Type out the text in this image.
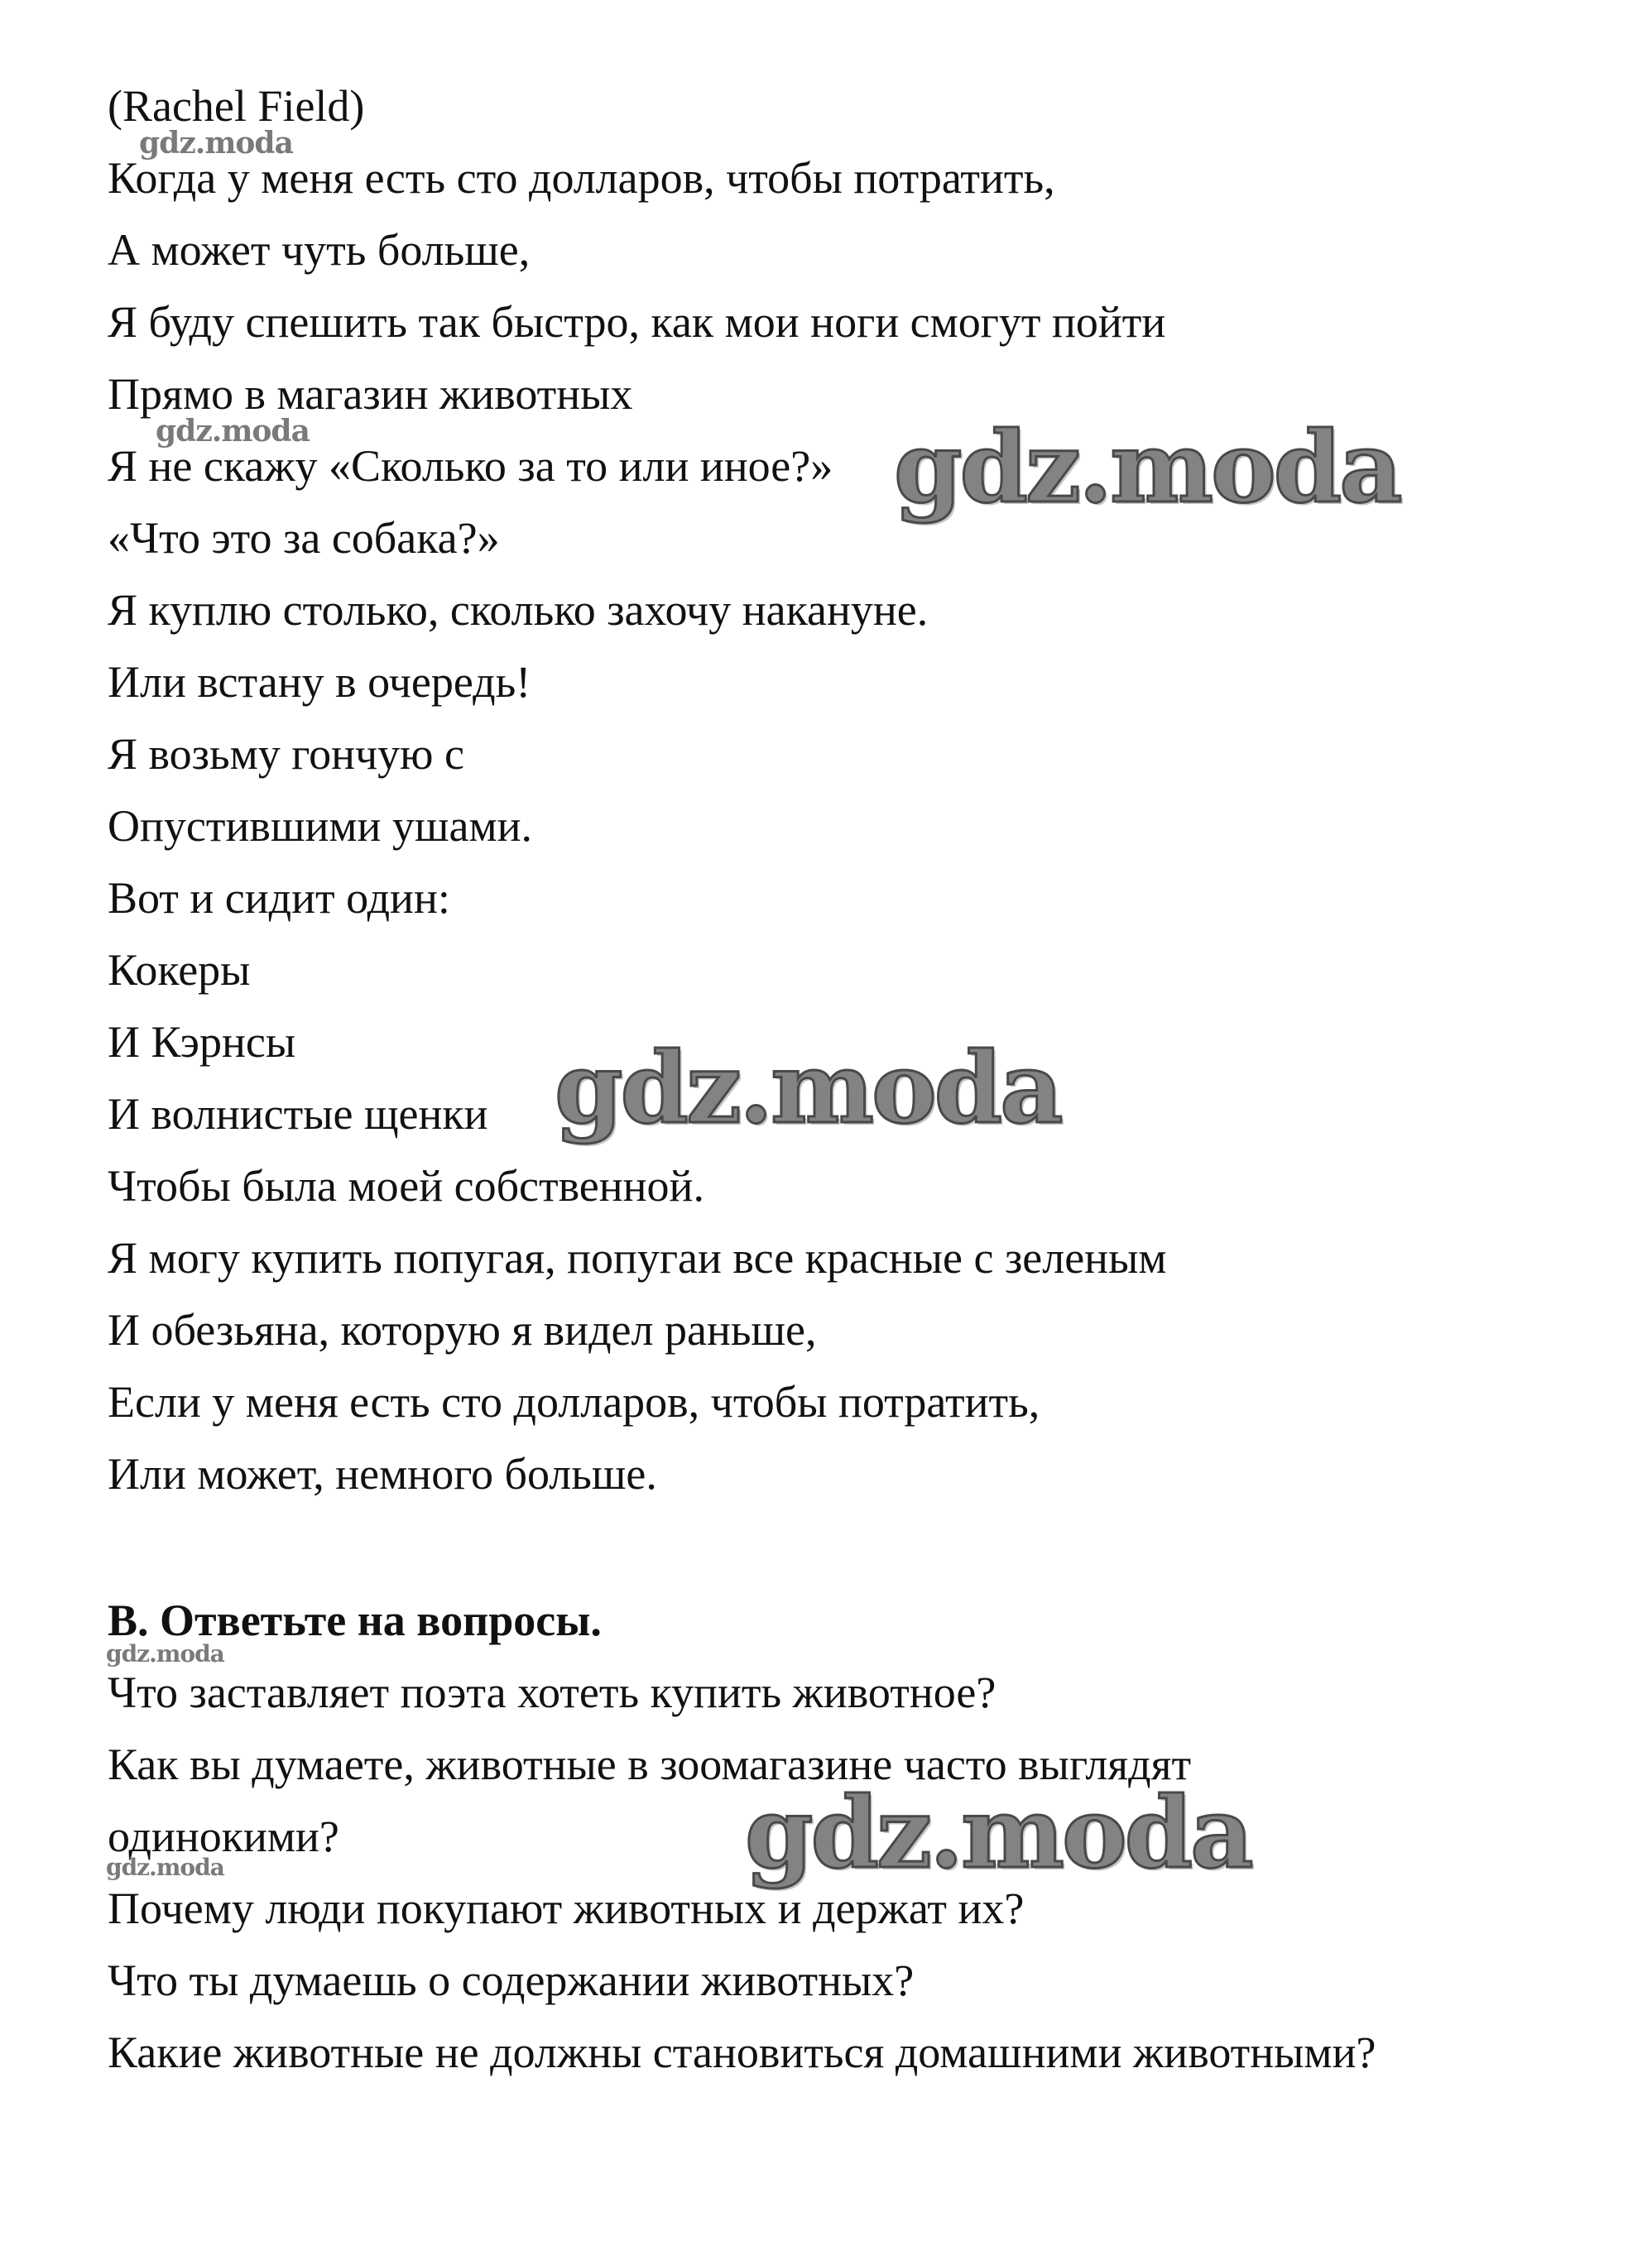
(Rachel Field)

Когда у меня есть сто долларов, чтобы потратить,

А может чуть больше,

Я буду спешить так быстро, как мои ноги смогут пойти

Прямо в магазин животных

Я не скажу «Сколько за то или иное?»

«Что это за собака?»

Я куплю столько, сколько захочу накануне.

Или встану в очередь!

Я возьму гончую с

Опустившими ушами.

Вот и сидит один:

Кокеры

И Кэрнсы

И волнистые щенки

Чтобы была моей собственной.

Я могу купить попугая, попугаи все красные с зеленым

И обезьяна, которую я видел раньше,

Если у меня есть сто долларов, чтобы потратить,

Или может, немного больше.

B. Ответьте на вопросы.

Что заставляет поэта хотеть купить животное?

Как вы думаете, животные в зоомагазине часто выглядят

одинокими?

Почему люди покупают животных и держат их?

Что ты думаешь о содержании животных?

Какие животные не должны становиться домашними животными?

gdz.moda
gdz.moda
gdz.moda
gdz.moda
gdz.moda
gdz.moda
gdz.moda
